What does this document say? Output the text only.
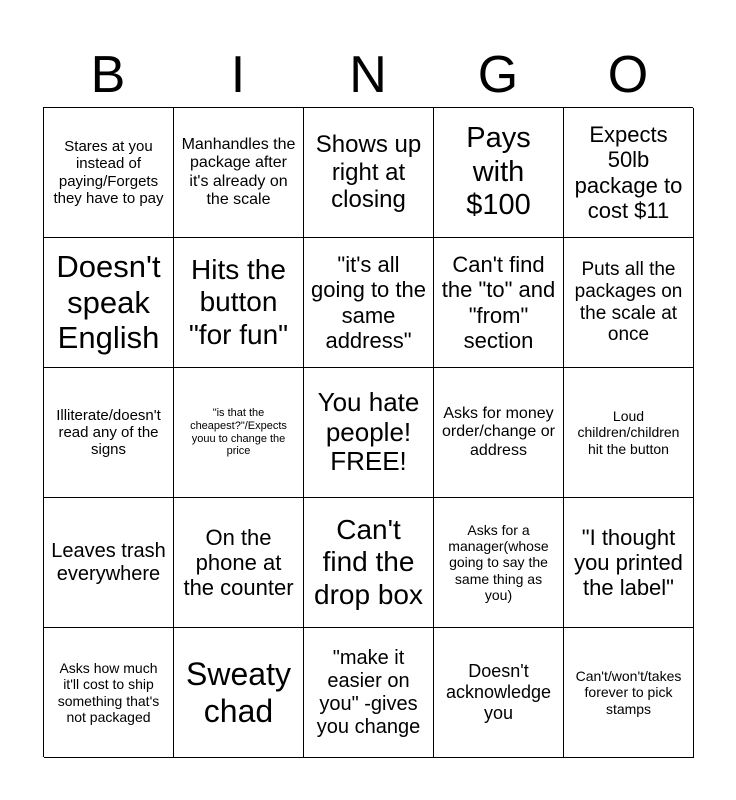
B	I	N	G	O
Stares at you instead of paying/Forgets they have to pay
Manhandles the package after it's already on the scale
Shows up right at closing
Pays with $100
Expects 50lb package to cost $11
Doesn't speak English
Hits the button "for fun"
"it's all going to the same address"
Can't find the "to" and "from" section
Puts all the packages on the scale at once
Illiterate/doesn't read any of the signs
"is that the cheapest?"/Expects youu to change the price
You hate people! FREE!
Asks for money order/change or address
Loud children/children hit the button
Leaves trash everywhere
On the phone at the counter
Can't find the drop box
Asks for a manager(whose going to say the same thing as you)
"I thought you printed the label"
Asks how much it'll cost to ship something that's not packaged
Sweaty chad
"make it easier on you" -gives you change
Doesn't acknowledge you
Can't/won't/takes forever to pick stamps
